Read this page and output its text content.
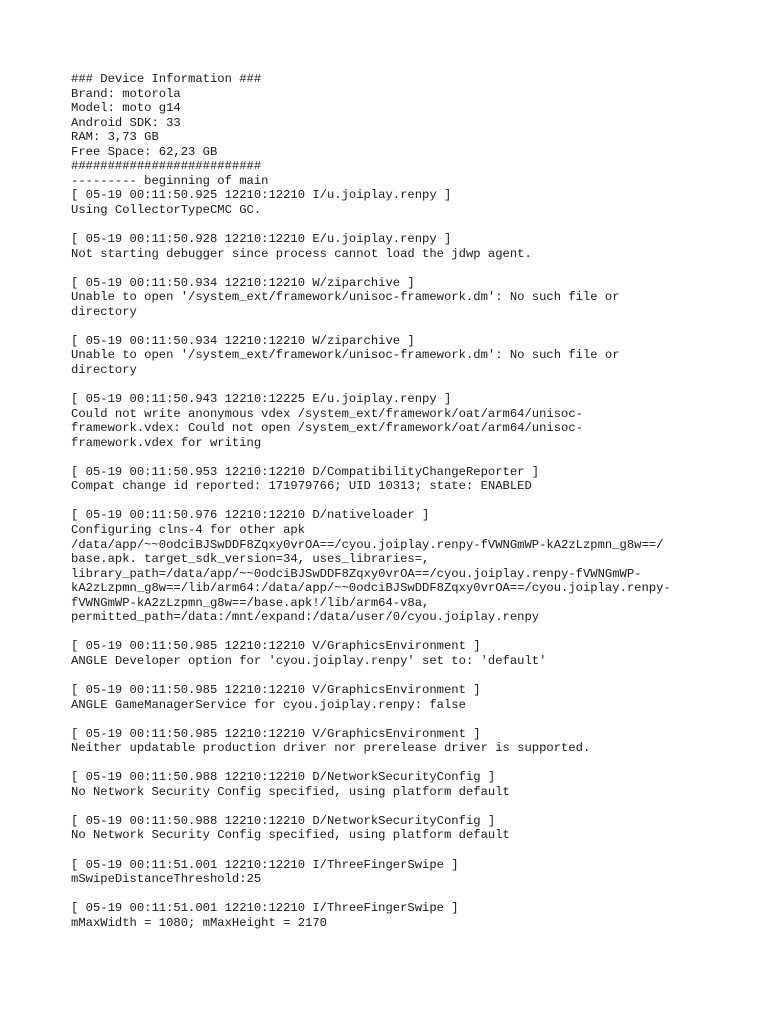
### Device Information ###
Brand: motorola
Model: moto g14
Android SDK: 33
RAM: 3,73 GB
Free Space: 62,23 GB
##########################
--------- beginning of main
[ 05-19 00:11:50.925 12210:12210 I/u.joiplay.renpy ]
Using CollectorTypeCMC GC.
[ 05-19 00:11:50.928 12210:12210 E/u.joiplay.renpy ]
Not starting debugger since process cannot load the jdwp agent.
[ 05-19 00:11:50.934 12210:12210 W/ziparchive ]
Unable to open '/system_ext/framework/unisoc-framework.dm': No such file or
directory
[ 05-19 00:11:50.934 12210:12210 W/ziparchive ]
Unable to open '/system_ext/framework/unisoc-framework.dm': No such file or
directory
[ 05-19 00:11:50.943 12210:12225 E/u.joiplay.renpy ]
Could not write anonymous vdex /system_ext/framework/oat/arm64/unisoc-
framework.vdex: Could not open /system_ext/framework/oat/arm64/unisoc-
framework.vdex for writing
[ 05-19 00:11:50.953 12210:12210 D/CompatibilityChangeReporter ]
Compat change id reported: 171979766; UID 10313; state: ENABLED
[ 05-19 00:11:50.976 12210:12210 D/nativeloader ]
Configuring clns-4 for other apk
/data/app/~~0odciBJSwDDF8Zqxy0vrOA==/cyou.joiplay.renpy-fVWNGmWP-kA2zLzpmn_g8w==/
base.apk. target_sdk_version=34, uses_libraries=,
library_path=/data/app/~~0odciBJSwDDF8Zqxy0vrOA==/cyou.joiplay.renpy-fVWNGmWP-
kA2zLzpmn_g8w==/lib/arm64:/data/app/~~0odciBJSwDDF8Zqxy0vrOA==/cyou.joiplay.renpy-
fVWNGmWP-kA2zLzpmn_g8w==/base.apk!/lib/arm64-v8a,
permitted_path=/data:/mnt/expand:/data/user/0/cyou.joiplay.renpy
[ 05-19 00:11:50.985 12210:12210 V/GraphicsEnvironment ]
ANGLE Developer option for 'cyou.joiplay.renpy' set to: 'default'
[ 05-19 00:11:50.985 12210:12210 V/GraphicsEnvironment ]
ANGLE GameManagerService for cyou.joiplay.renpy: false
[ 05-19 00:11:50.985 12210:12210 V/GraphicsEnvironment ]
Neither updatable production driver nor prerelease driver is supported.
[ 05-19 00:11:50.988 12210:12210 D/NetworkSecurityConfig ]
No Network Security Config specified, using platform default
[ 05-19 00:11:50.988 12210:12210 D/NetworkSecurityConfig ]
No Network Security Config specified, using platform default
[ 05-19 00:11:51.001 12210:12210 I/ThreeFingerSwipe ]
mSwipeDistanceThreshold:25
[ 05-19 00:11:51.001 12210:12210 I/ThreeFingerSwipe ]
mMaxWidth = 1080; mMaxHeight = 2170
